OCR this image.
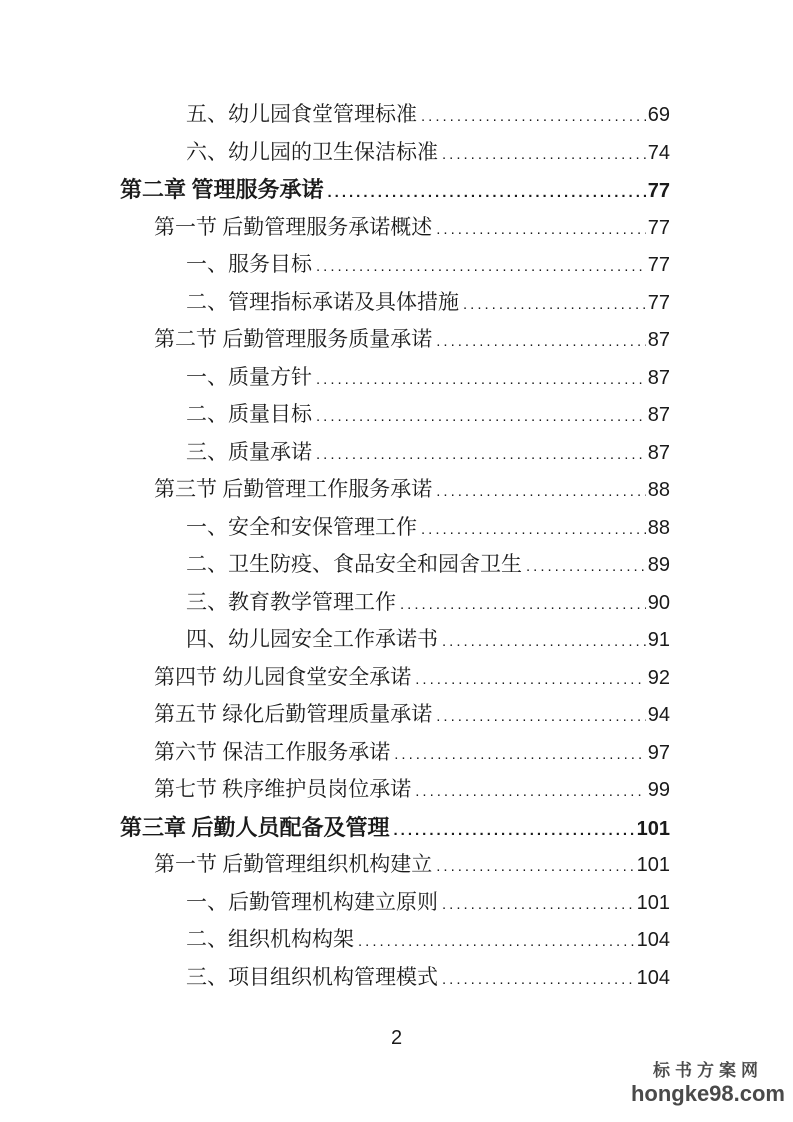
五、幼儿园食堂管理标准 .....	69
六、幼儿园的卫生保洁标准 .....	74
第二章 管理服务承诺 .....	77
第一节 后勤管理服务承诺概述 .....	77
一、服务目标 .....	77
二、管理指标承诺及具体措施 .....	77
第二节 后勤管理服务质量承诺 .....	87
一、质量方针 .....	87
二、质量目标 .....	87
三、质量承诺 .....	87
第三节 后勤管理工作服务承诺 .....	88
一、安全和安保管理工作 .....	88
二、卫生防疫、食品安全和园舍卫生 .....	89
三、教育教学管理工作 .....	90
四、幼儿园安全工作承诺书 .....	91
第四节 幼儿园食堂安全承诺 .....	92
第五节 绿化后勤管理质量承诺 .....	94
第六节 保洁工作服务承诺 .....	97
第七节 秩序维护员岗位承诺 .....	99
第三章 后勤人员配备及管理 .....	101
第一节 后勤管理组织机构建立 .....	101
一、后勤管理机构建立原则 .....	101
二、组织机构构架 .....	104
三、项目组织机构管理模式 .....	104
2
标书方案网
hongke98.com
